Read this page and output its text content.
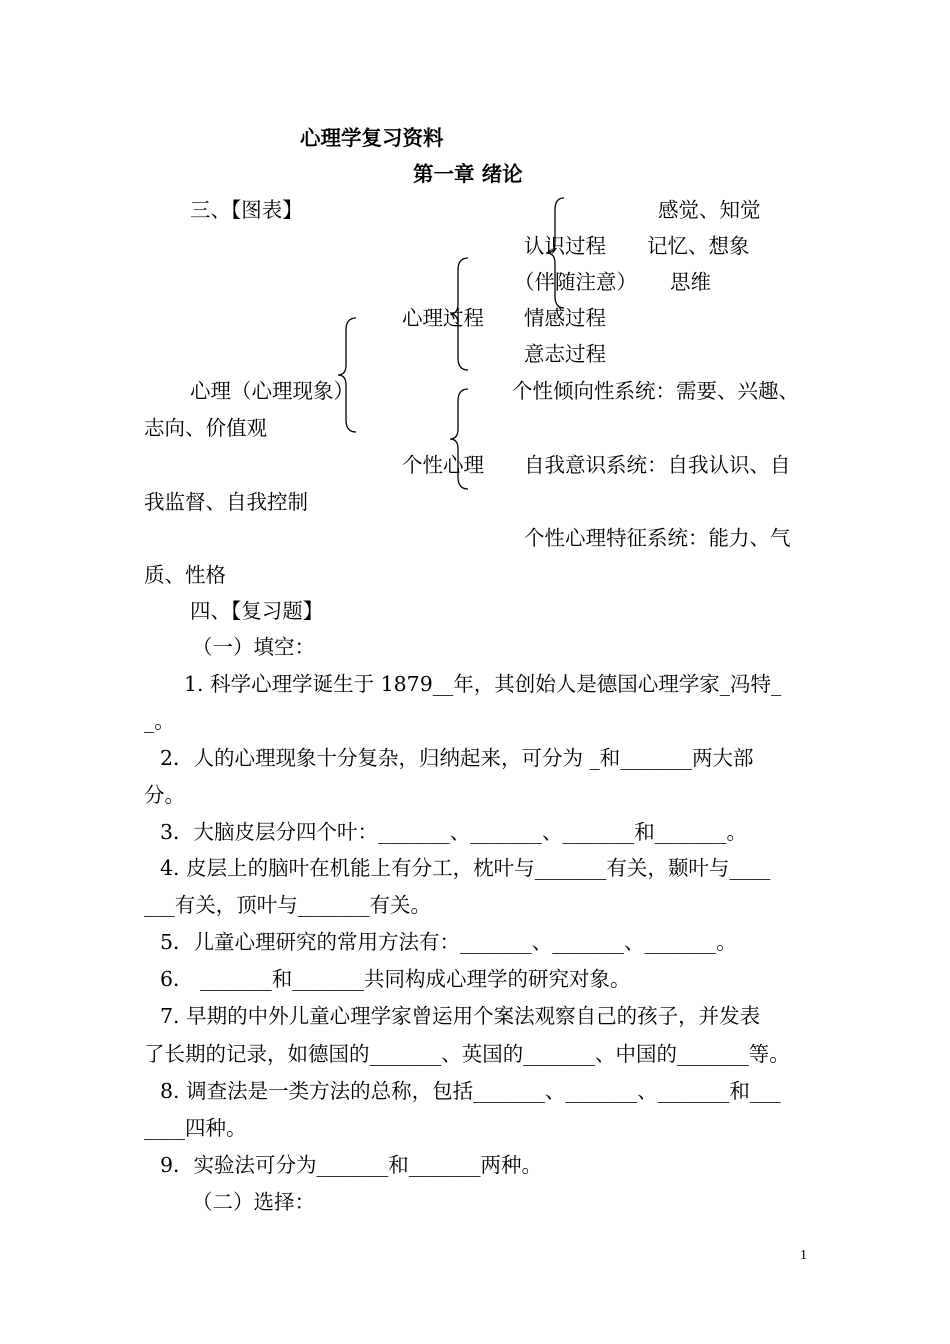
心理学复习资料
第一章 绪论
三、【图表】	感觉、知觉
认识过程 记忆、想象
（伴随注意） 思维
心理过程 情感过程
意志过程
心理（心理现象）	个性倾向性系统：需要、兴趣、
志向、价值观
个性心理 自我意识系统：自我认识、自
我监督、自我控制
个性心理特征系统：能力、气
质、性格
四、【复习题】
（一）填空：
1. 科学心理学诞生于 1879__年，其创始人是德国心理学家_冯特_
_。
2．人的心理现象十分复杂，归纳起来，可分为 _和_______两大部
分。
3．大脑皮层分四个叶：_______、_______、_______和_______。
4. 皮层上的脑叶在机能上有分工，枕叶与_______有关，颞叶与____
___有关，顶叶与_______有关。
5．儿童心理研究的常用方法有：_______、_______、_______。
6． _______和_______共同构成心理学的研究对象。
7. 早期的中外儿童心理学家曾运用个案法观察自己的孩子，并发表
了长期的记录，如德国的_______、英国的_______、中国的_______等。
8. 调查法是一类方法的总称，包括_______、_______、_______和___
____四种。
9．实验法可分为_______和_______两种。
（二）选择：
1
